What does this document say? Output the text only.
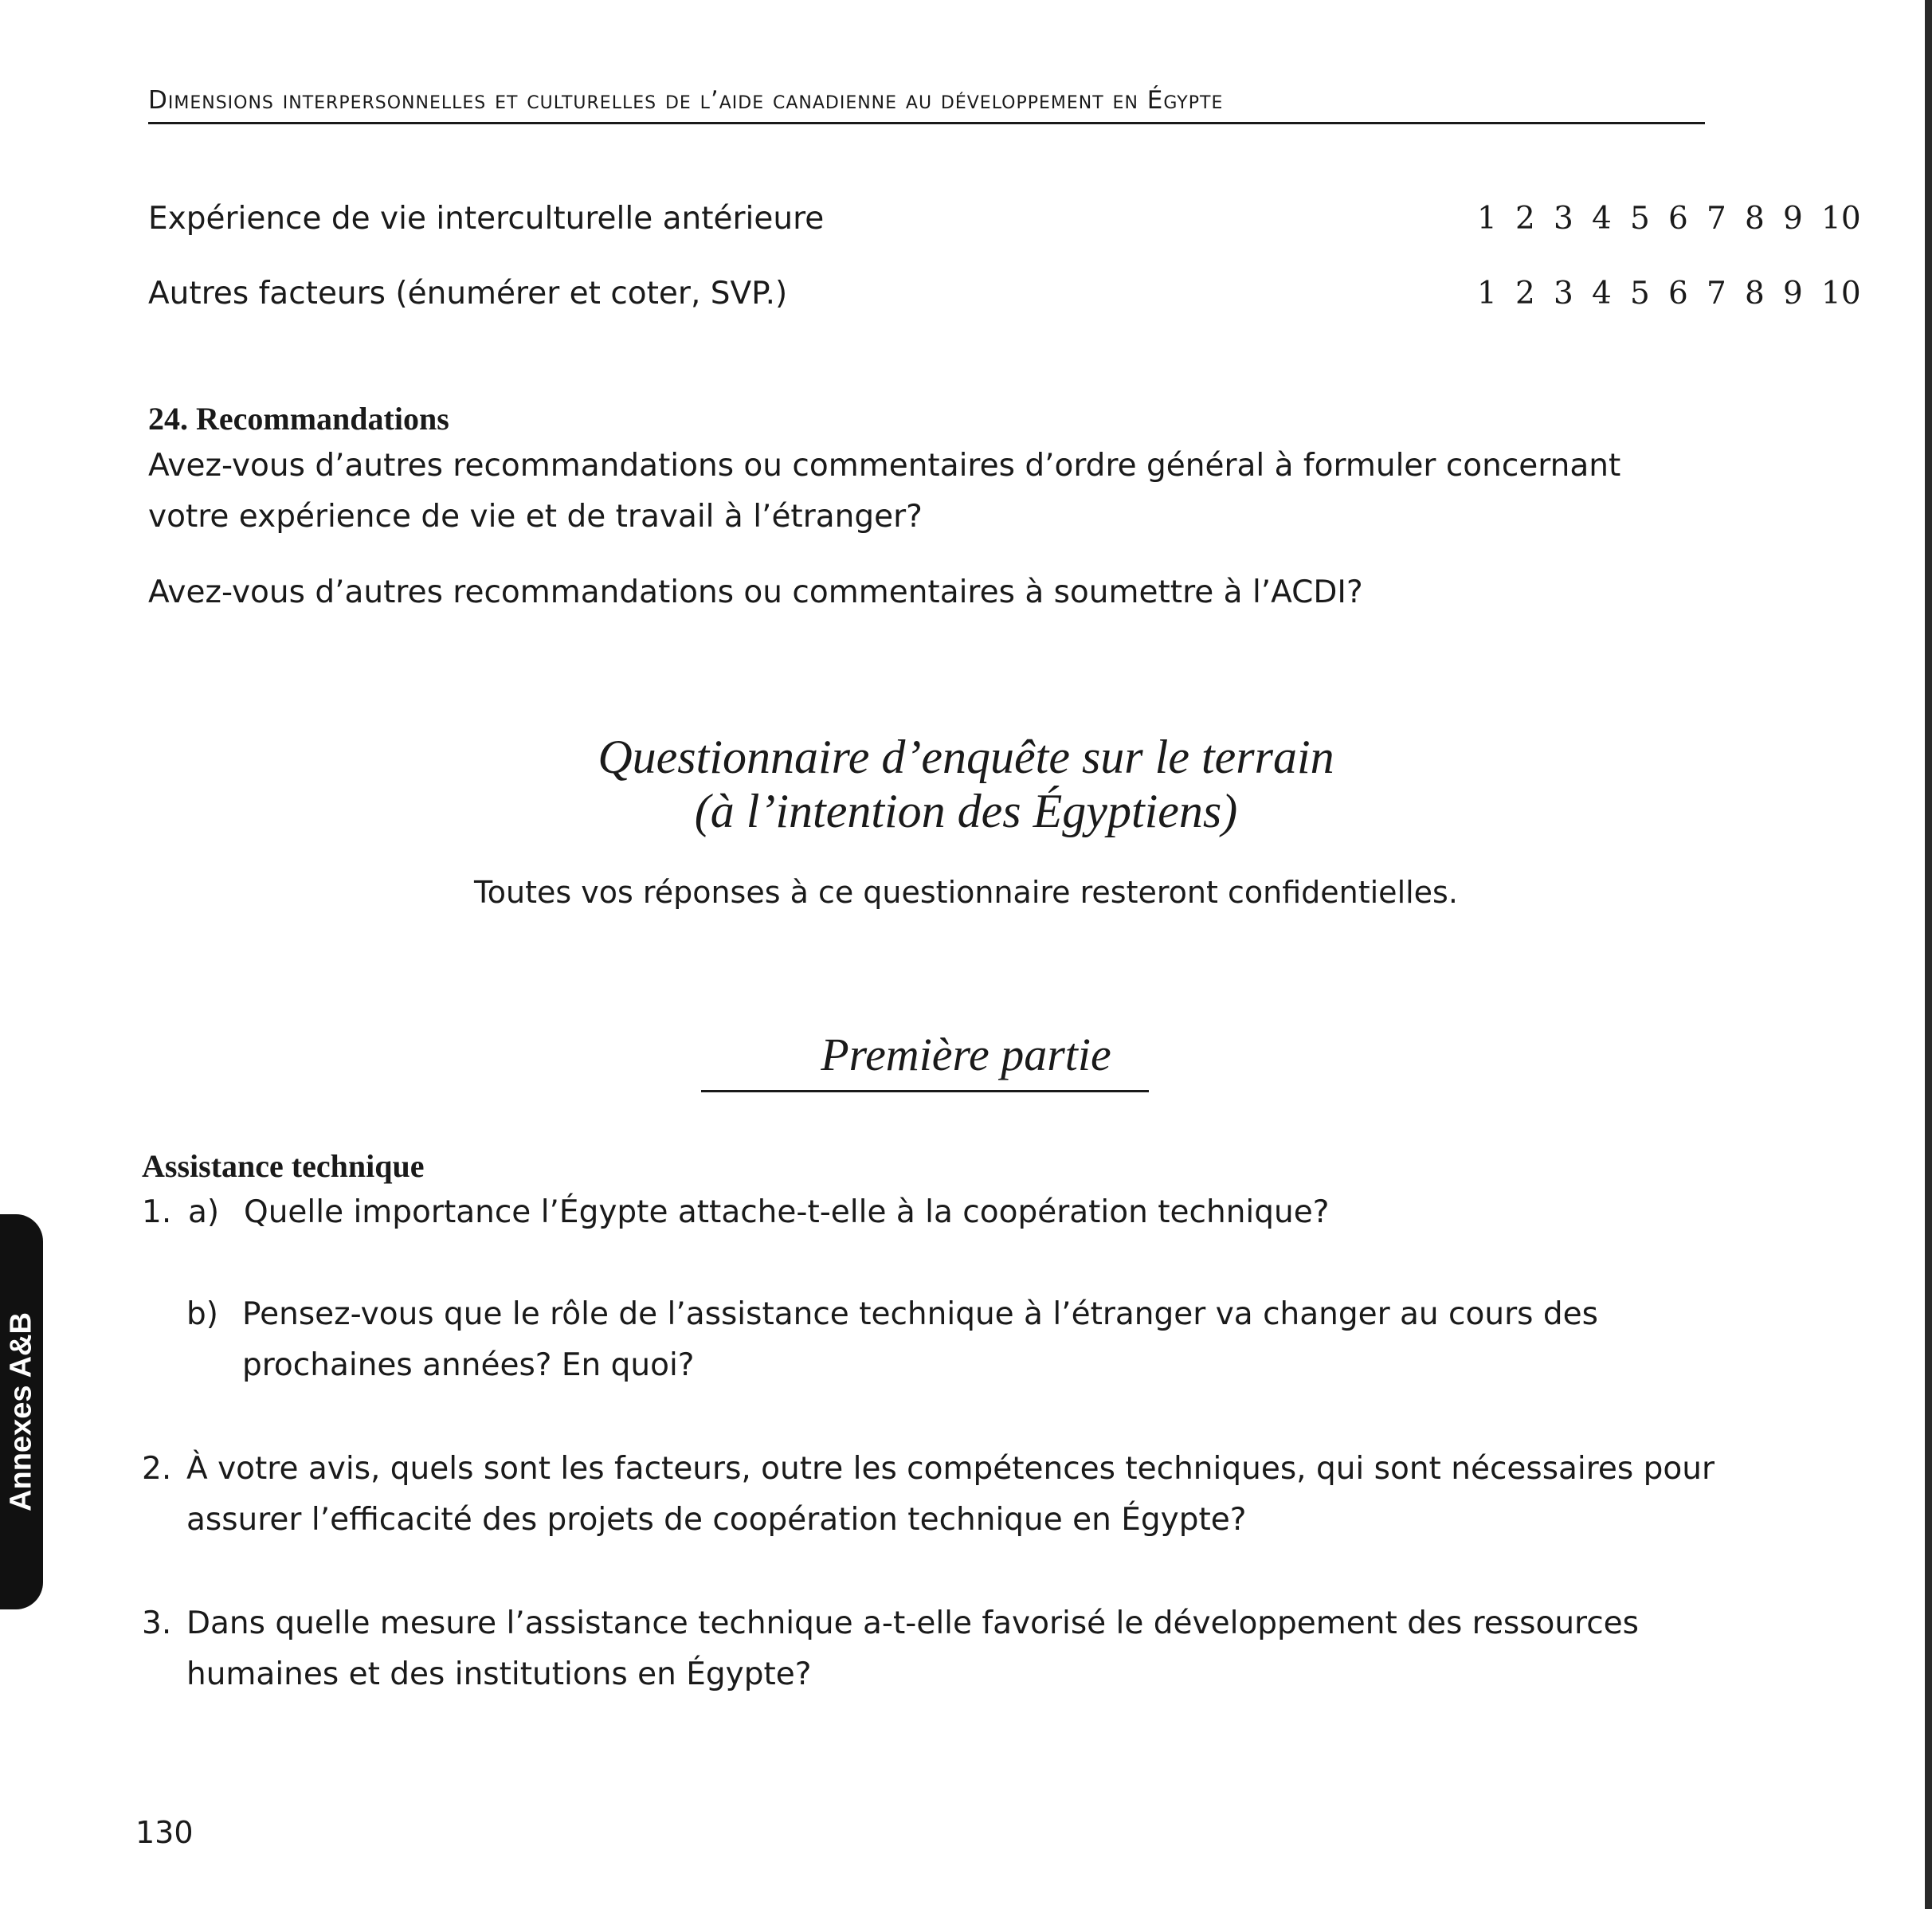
Dimensions interpersonnelles et culturelles de l’aide canadienne au développement en Égypte
Expérience de vie interculturelle antérieure	1 2 3 4 5 6 7 8 9 10
Autres facteurs (énumérer et coter, SVP.)	1 2 3 4 5 6 7 8 9 10
24. Recommandations
Avez-vous d’autres recommandations ou commentaires d’ordre général à formuler concernant
votre expérience de vie et de travail à l’étranger?
Avez-vous d’autres recommandations ou commentaires à soumettre à l’ACDI?
Questionnaire d’enquête sur le terrain
(à l’intention des Égyptiens)
Toutes vos réponses à ce questionnaire resteront confidentielles.
Première partie
Assistance technique
1. a) Quelle importance l’Égypte attache-t-elle à la coopération technique?
b) Pensez-vous que le rôle de l’assistance technique à l’étranger va changer au cours des
prochaines années? En quoi?
2. À votre avis, quels sont les facteurs, outre les compétences techniques, qui sont nécessaires pour
assurer l’efficacité des projets de coopération technique en Égypte?
3. Dans quelle mesure l’assistance technique a-t-elle favorisé le développement des ressources
humaines et des institutions en Égypte?
Annexes A&B
130
